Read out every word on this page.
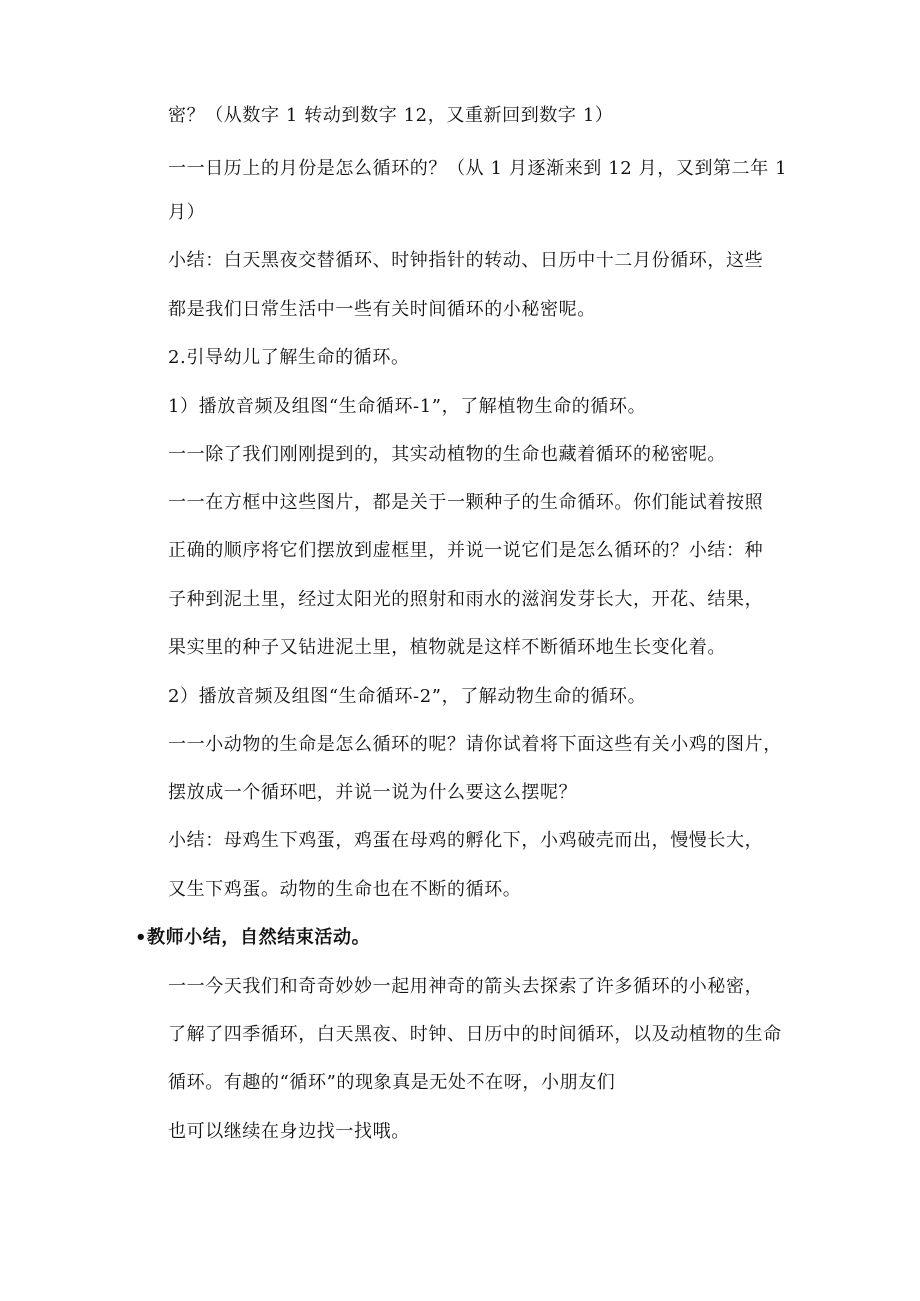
密？（从数字 1 转动到数字 12，又重新回到数字 1）
一一日历上的月份是怎么循环的？（从 1 月逐渐来到 12 月，又到第二年 1
月）
小结：白天黑夜交替循环、时钟指针的转动、日历中十二月份循环，这些
都是我们日常生活中一些有关时间循环的小秘密呢。
2.引导幼儿了解生命的循环。
1）播放音频及组图“生命循环-1”，了解植物生命的循环。
一一除了我们刚刚提到的，其实动植物的生命也藏着循环的秘密呢。
一一在方框中这些图片，都是关于一颗种子的生命循环。你们能试着按照
正确的顺序将它们摆放到虚框里，并说一说它们是怎么循环的？小结：种
子种到泥土里，经过太阳光的照射和雨水的滋润发芽长大，开花、结果，
果实里的种子又钻进泥土里，植物就是这样不断循环地生长变化着。
2）播放音频及组图“生命循环-2”，了解动物生命的循环。
一一小动物的生命是怎么循环的呢？请你试着将下面这些有关小鸡的图片，
摆放成一个循环吧，并说一说为什么要这么摆呢？
小结：母鸡生下鸡蛋，鸡蛋在母鸡的孵化下，小鸡破壳而出，慢慢长大，
又生下鸡蛋。动物的生命也在不断的循环。
•教师小结，自然结束活动。
一一今天我们和奇奇妙妙一起用神奇的箭头去探索了许多循环的小秘密，
了解了四季循环，白天黑夜、时钟、日历中的时间循环，以及动植物的生命
循环。有趣的“循环”的现象真是无处不在呀，小朋友们
也可以继续在身边找一找哦。
